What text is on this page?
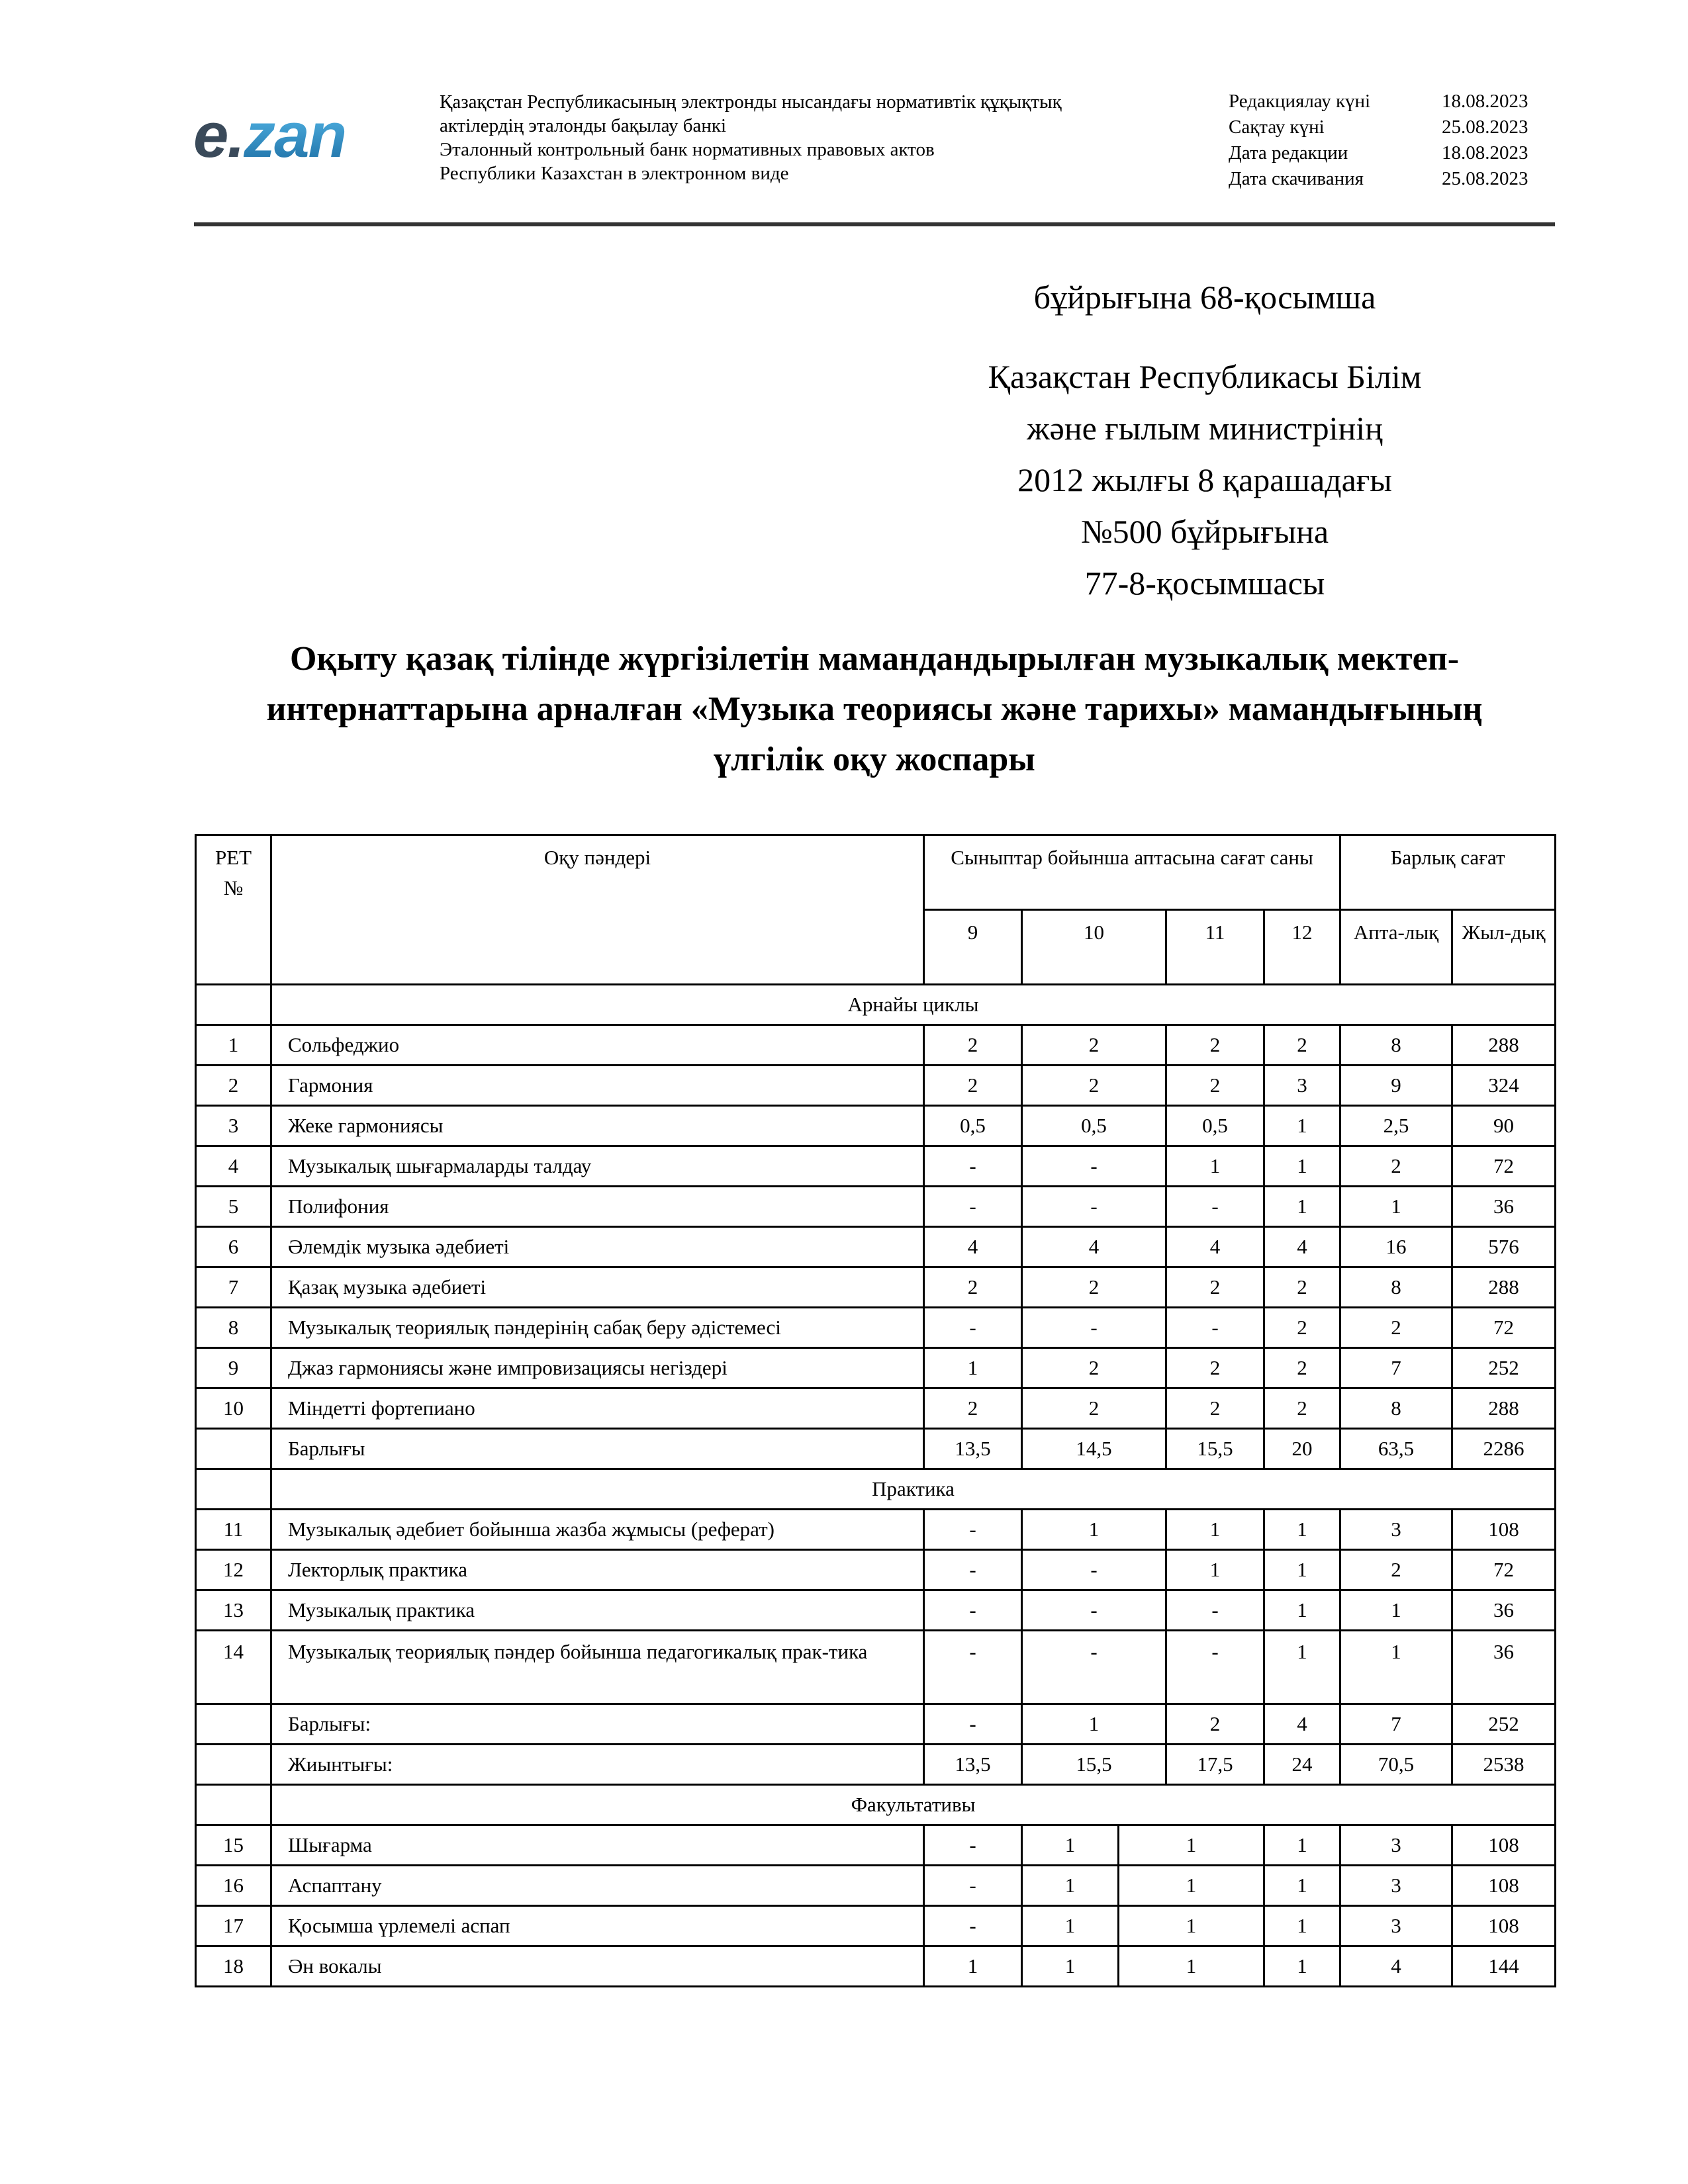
e.zan	Қазақстан Республикасының электронды нысандағы нормативтік құқықтық
актілердің эталонды бақылау банкі
Эталонный контрольный банк нормативных правовых актов
Республики Казахстан в электронном виде
Редакциялау күні	18.08.2023
Сақтау күні	25.08.2023
Дата редакции	18.08.2023
Дата скачивания	25.08.2023
бұйрығына 68-қосымша
Қазақстан Республикасы Білім
және ғылым министрінің
2012 жылғы 8 қарашадағы
№500 бұйрығына
77-8-қосымшасы
Оқыту қазақ тілінде жүргізілетін мамандандырылған музыкалық мектеп-
интернаттарына арналған «Музыка теориясы және тарихы» мамандығының
үлгілік оқу жоспары
РЕТ №	Оқу пәндері	Сыныптар бойынша аптасына сағат саны				Барлық сағат	
		9	10	11	12	Апта-лық	Жыл-дық
	Арнайы циклы						
1	Сольфеджио	2	2	2	2	8	288
2	Гармония	2	2	2	3	9	324
3	Жеке гармониясы	0,5	0,5	0,5	1	2,5	90
4	Музыкалық шығармаларды талдау	-	-	1	1	2	72
5	Полифония	-	-	-	1	1	36
6	Әлемдік музыка әдебиеті	4	4	4	4	16	576
7	Қазақ музыка әдебиеті	2	2	2	2	8	288
8	Музыкалық теориялық пәндерінің сабақ беру әдістемесі	-	-	-	2	2	72
9	Джаз гармониясы және импровизациясы негіздері	1	2	2	2	7	252
10	Міндетті фортепиано	2	2	2	2	8	288
	Барлығы	13,5	14,5	15,5	20	63,5	2286
	Практика						
11	Музыкалық әдебиет бойынша жазба жұмысы (реферат)	-	1	1	1	3	108
12	Лекторлық практика	-	-	1	1	2	72
13	Музыкалық практика	-	-	-	1	1	36
14	Музыкалық теориялық пәндер бойынша педагогикалық прак-тика	-	-	-	1	1	36
	Барлығы:	-	1	2	4	7	252
	Жиынтығы:	13,5	15,5	17,5	24	70,5	2538
	Факультативы						
15	Шығарма	-	1	1	1	3	108
16	Аспаптану	-	1	1	1	3	108
17	Қосымша үрлемелі аспап	-	1	1	1	3	108
18	Ән вокалы	1	1	1	1	4	144
